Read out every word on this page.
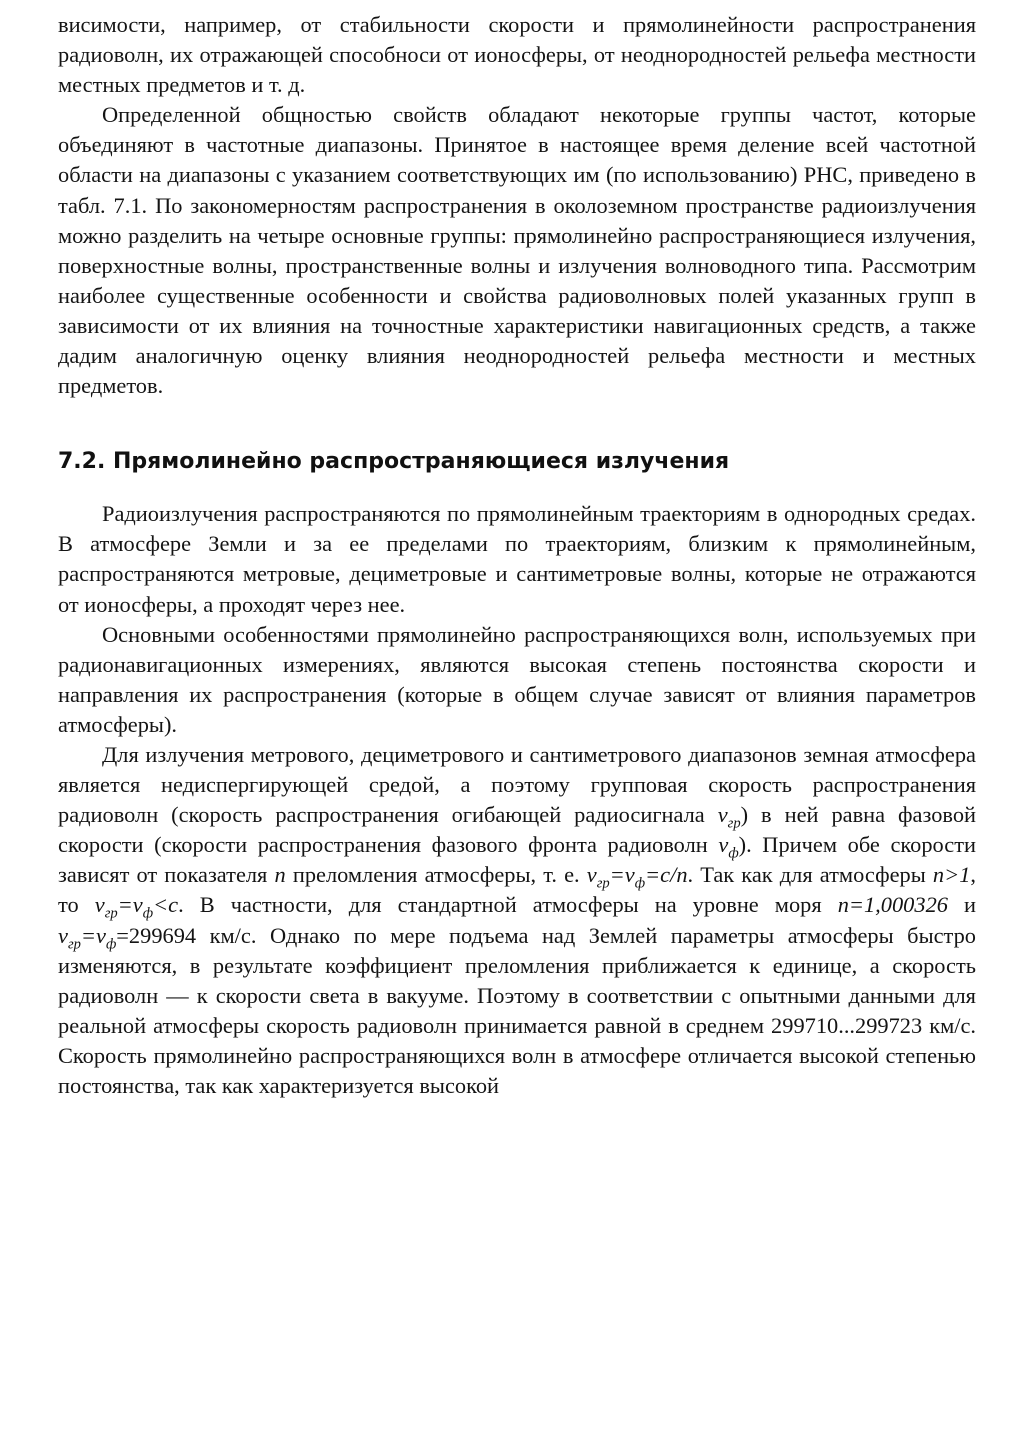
висимости, например, от стабильности скорости и прямолинейности распространения радиоволн, их отражающей способноси от ионосферы, от неоднородностей рельефа местности местных предметов и т. д.

Определенной общностью свойств обладают некоторые группы частот, которые объединяют в частотные диапазоны. Принятое в настоящее время деление всей частотной области на диапазоны с указанием соответствующих им (по использованию) РНС, приведено в табл. 7.1. По закономерностям распространения в околоземном пространстве радиоизлучения можно разделить на четыре основные группы: прямолинейно распространяющиеся излучения, поверхностные волны, пространственные волны и излучения волноводного типа. Рассмотрим наиболее существенные особенности и свойства радиоволновых полей указанных групп в зависимости от их влияния на точностные характеристики навигационных средств, а также дадим аналогичную оценку влияния неоднородностей рельефа местности и местных предметов.

7.2. Прямолинейно распространяющиеся излучения

Радиоизлучения распространяются по прямолинейным траекториям в однородных средах. В атмосфере Земли и за ее пределами по траекториям, близким к прямолинейным, распространяются метровые, дециметровые и сантиметровые волны, которые не отражаются от ионосферы, а проходят через нее.

Основными особенностями прямолинейно распространяющихся волн, используемых при радионавигационных измерениях, являются высокая степень постоянства скорости и направления их распространения (которые в общем случае зависят от влияния параметров атмосферы).

Для излучения метрового, дециметрового и сантиметрового диапазонов земная атмосфера является недиспергирующей средой, а поэтому групповая скорость распространения радиоволн (скорость распространения огибающей радиосигнала $v_{гр}$) в ней равна фазовой скорости (скорости распространения фазового фронта радиоволн $v_ф$). Причем обе скорости зависят от показателя n преломления атмосферы, т. е. $v_{гр}=v_ф=c/n$. Так как для атмосферы n>1, то $v_{гр}=v_ф<c$. В частности, для стандартной атмосферы на уровне моря n=1,000326 и $v_{гр}=v_ф=299694$ км/с. Однако по мере подъема над Землей параметры атмосферы быстро изменяются, в результате коэффициент преломления приближается к единице, а скорость радиоволн — к скорости света в вакууме. Поэтому в соответствии с опытными данными для реальной атмосферы скорость радиоволн принимается равной в среднем 299710...299723 км/с. Скорость прямолинейно распространяющихся волн в атмосфере отличается высокой степенью постоянства, так как характеризуется высокой
